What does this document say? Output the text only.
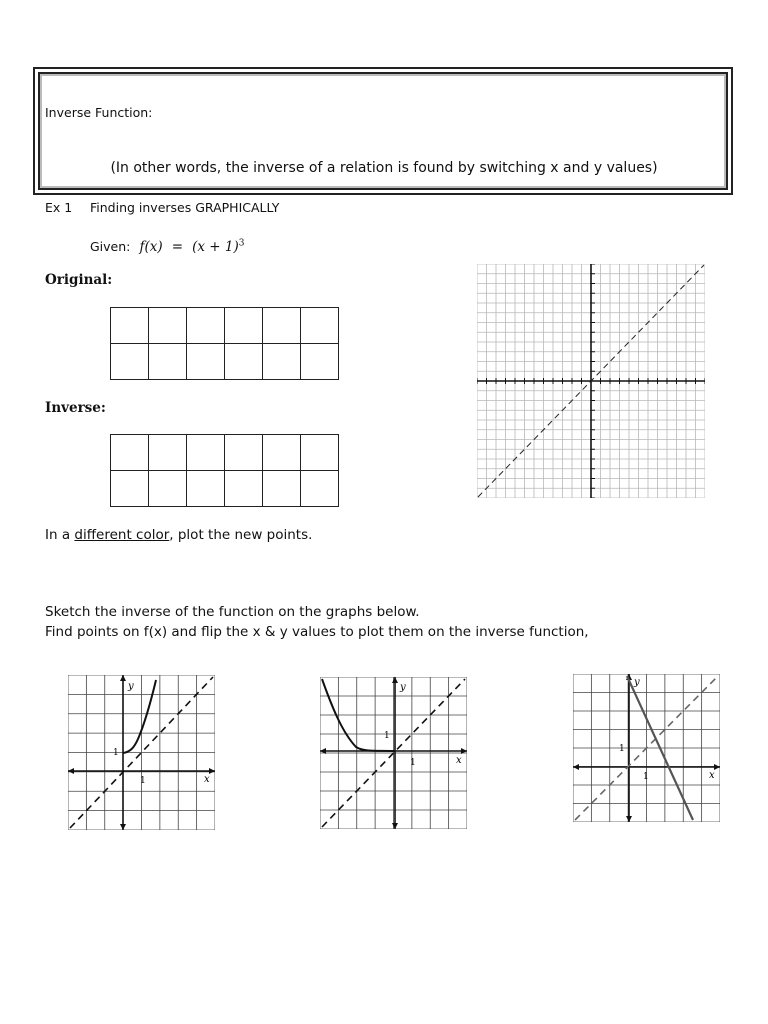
Inverse Function:
(In other words, the inverse of a relation is found by switching x and y values)
Ex 1 Finding inverses GRAPHICALLY
Given: $f(x) = (x + 1)^3$
Original:

Inverse:

In a different color, plot the new points.
Sketch the inverse of the function on the graphs below.
Find points on f(x) and flip the x & y values to plot them on the inverse function,
y
x
1
1
y
x
1
1
y
x
1
1
